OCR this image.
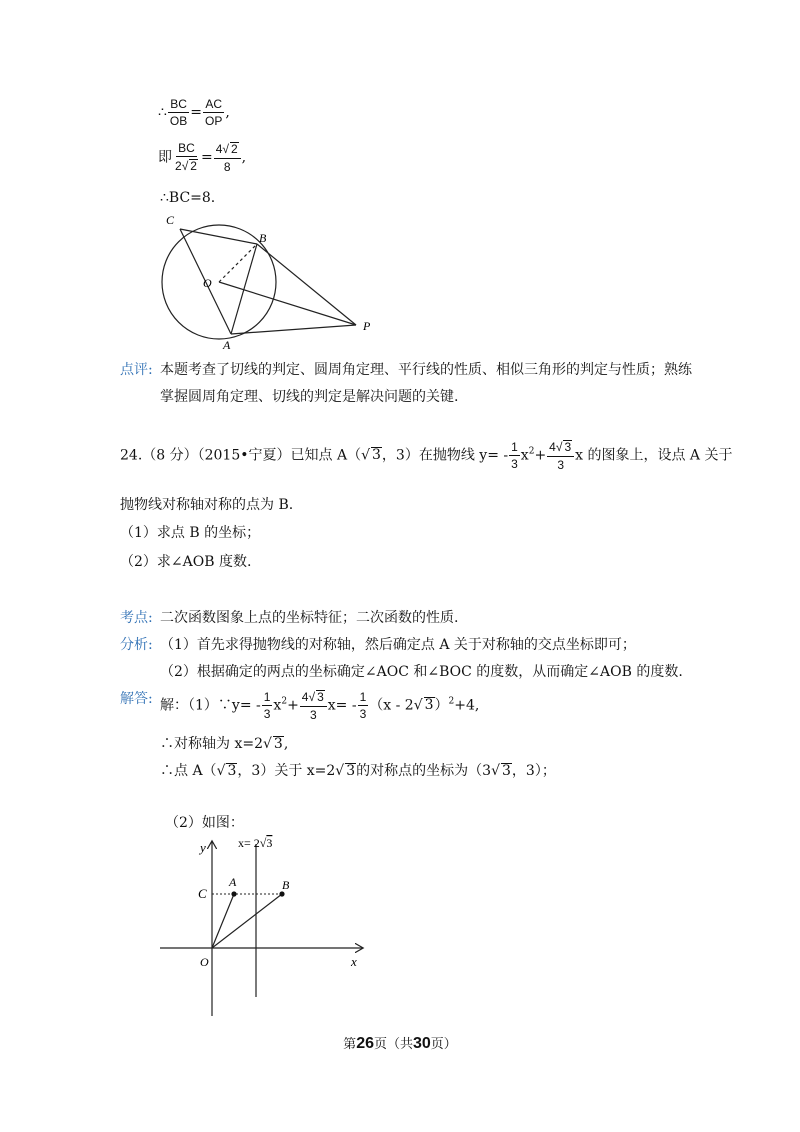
∴ $\frac{BC}{OB} = \frac{AC}{OP}$ ,
即 $\frac{BC}{2√ 2} = \frac{4√ 2}{8}$ ,
∴BC=8.
C
B
O
A
P
点评: 本题考查了切线的判定、圆周角定理、平行线的性质、相似三角形的判定与性质；熟练
掌握圆周角定理、切线的判定是解决问题的关键.
24.（8 分）（2015•宁夏）已知点 A（√ 3，3）在抛物线 $y= - \frac{1}{3} x^2+ \frac{4√ 3}{3}$ x 的图象上，设点 A 关于
抛物线对称轴对称的点为 B.
（1）求点 B 的坐标；
（2）求∠AOB 度数.
考点: 二次函数图象上点的坐标特征；二次函数的性质.
分析: （1）首先求得抛物线的对称轴，然后确定点 A 关于对称轴的交点坐标即可；
（2）根据确定的两点的坐标确定∠AOC 和∠BOC 的度数，从而确定∠AOB 的度数.
解答: 解：（1）∵y= - $\frac{1}{3} x^2+ \frac{4√ 3}{3} x= - \frac{1}{3} (x - 2√$ 3）$^2$+4,
∴对称轴为 x=2√ 3,
∴点 A（√ 3，3）关于 x=2√ 3的对称点的坐标为（3√ 3，3）；
（2）如图：
y
x
C
A	B
O
x= 2√3
第26页（共30页）
